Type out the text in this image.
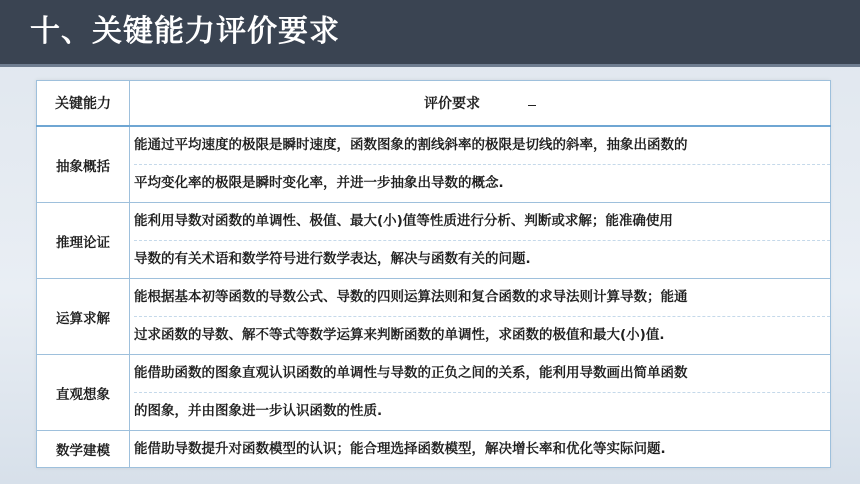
十、关键能力评价要求
关键能力	评价要求
抽象概括	能通过平均速度的极限是瞬时速度，函数图象的割线斜率的极限是切线的斜率，抽象出函数的
平均变化率的极限是瞬时变化率，并进一步抽象出导数的概念.

推理论证	能利用导数对函数的单调性、极值、最大(小)值等性质进行分析、判断或求解；能准确使用
导数的有关术语和数学符号进行数学表达，解决与函数有关的问题.

运算求解	能根据基本初等函数的导数公式、导数的四则运算法则和复合函数的求导法则计算导数；能通
过求函数的导数、解不等式等数学运算来判断函数的单调性，求函数的极值和最大(小)值.

直观想象	能借助函数的图象直观认识函数的单调性与导数的正负之间的关系，能利用导数画出简单函数
的图象，并由图象进一步认识函数的性质.

数学建模	能借助导数提升对函数模型的认识；能合理选择函数模型，解决增长率和优化等实际问题.
